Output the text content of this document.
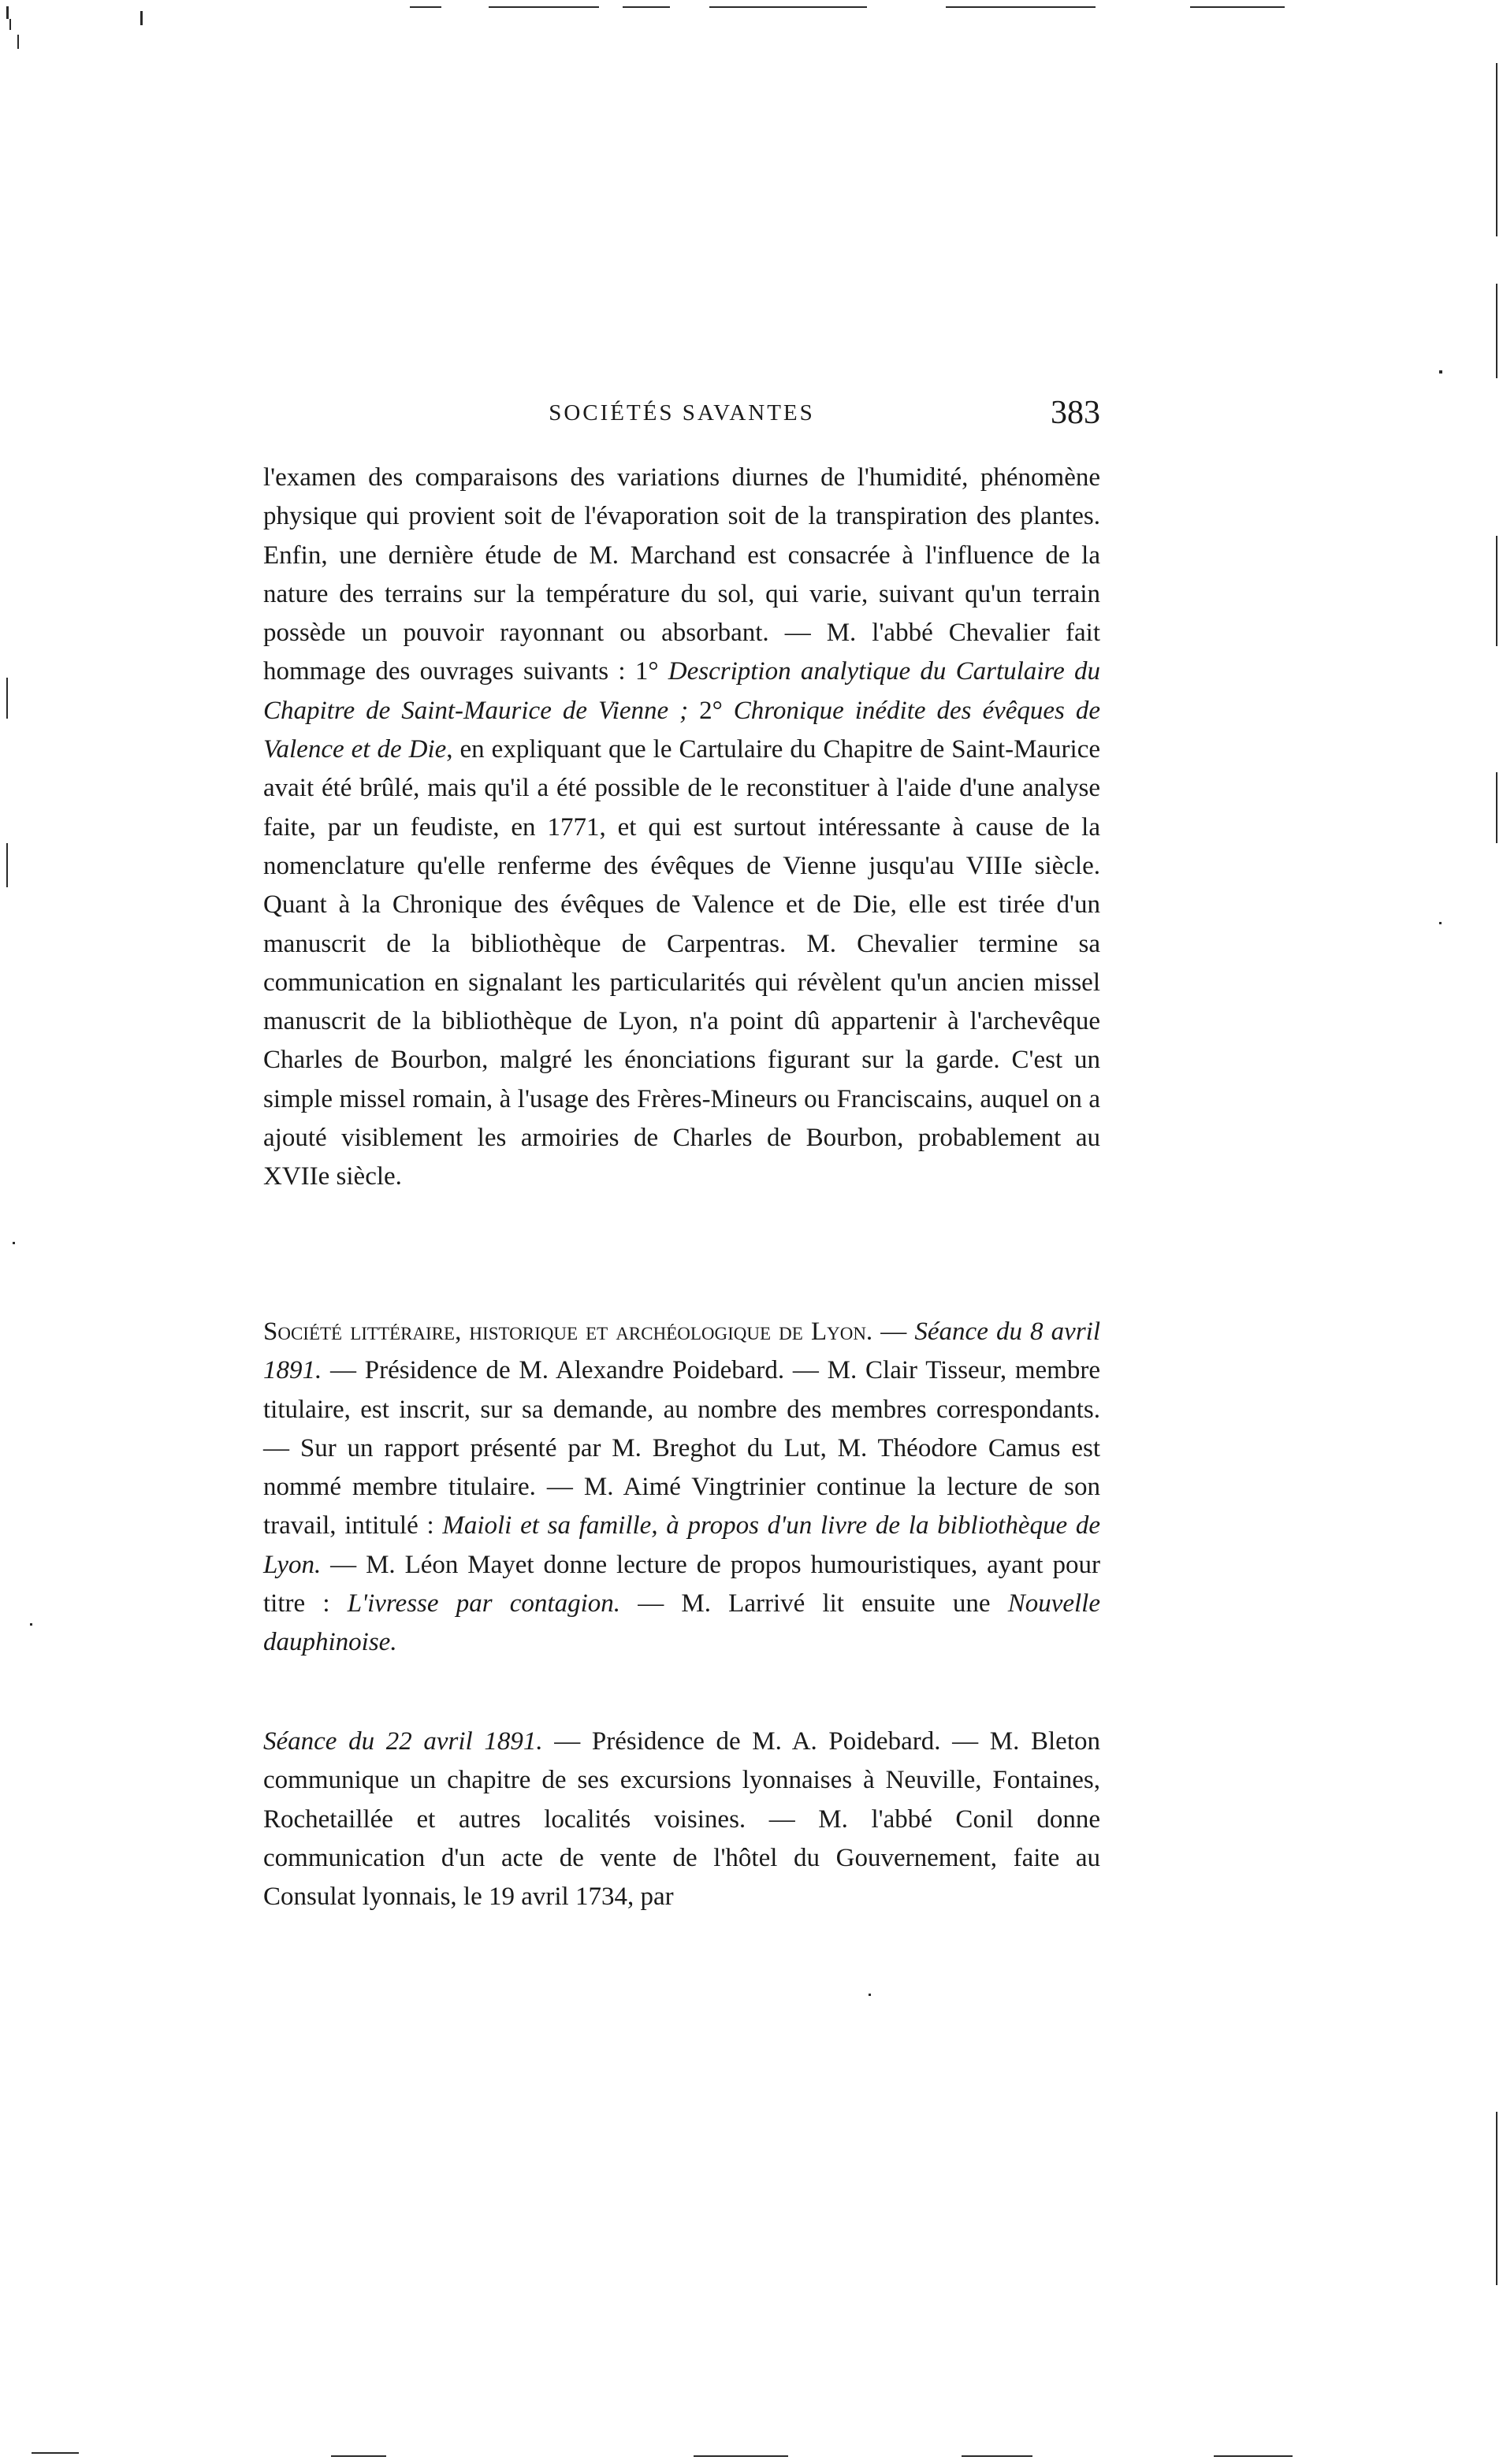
SOCIÉTÉS SAVANTES	383

l'examen des comparaisons des variations diurnes de l'humidité, phénomène physique qui provient soit de l'évaporation soit de la transpiration des plantes. Enfin, une dernière étude de M. Marchand est consacrée à l'influence de la nature des terrains sur la température du sol, qui varie, suivant qu'un terrain possède un pouvoir rayonnant ou absorbant. — M. l'abbé Chevalier fait hommage des ouvrages suivants : 1° Description analytique du Cartulaire du Chapitre de Saint-Maurice de Vienne ; 2° Chronique inédite des évêques de Valence et de Die, en expliquant que le Cartulaire du Chapitre de Saint-Maurice avait été brûlé, mais qu'il a été possible de le reconstituer à l'aide d'une analyse faite, par un feudiste, en 1771, et qui est surtout intéressante à cause de la nomenclature qu'elle renferme des évêques de Vienne jusqu'au VIIIe siècle. Quant à la Chronique des évêques de Valence et de Die, elle est tirée d'un manuscrit de la bibliothèque de Carpentras. M. Chevalier termine sa communication en signalant les particularités qui révèlent qu'un ancien missel manuscrit de la bibliothèque de Lyon, n'a point dû appartenir à l'archevêque Charles de Bourbon, malgré les énonciations figurant sur la garde. C'est un simple missel romain, à l'usage des Frères-Mineurs ou Franciscains, auquel on a ajouté visiblement les armoiries de Charles de Bourbon, probablement au XVIIe siècle.

Société littéraire, historique et archéologique de Lyon. — Séance du 8 avril 1891. — Présidence de M. Alexandre Poidebard. — M. Clair Tisseur, membre titulaire, est inscrit, sur sa demande, au nombre des membres correspondants. — Sur un rapport présenté par M. Breghot du Lut, M. Théodore Camus est nommé membre titulaire. — M. Aimé Vingtrinier continue la lecture de son travail, intitulé : Maioli et sa famille, à propos d'un livre de la bibliothèque de Lyon. — M. Léon Mayet donne lecture de propos humouristiques, ayant pour titre : L'ivresse par contagion. — M. Larrivé lit ensuite une Nouvelle dauphinoise.

Séance du 22 avril 1891. — Présidence de M. A. Poidebard. — M. Bleton communique un chapitre de ses excursions lyonnaises à Neuville, Fontaines, Rochetaillée et autres localités voisines. — M. l'abbé Conil donne communication d'un acte de vente de l'hôtel du Gouvernement, faite au Consulat lyonnais, le 19 avril 1734, par
